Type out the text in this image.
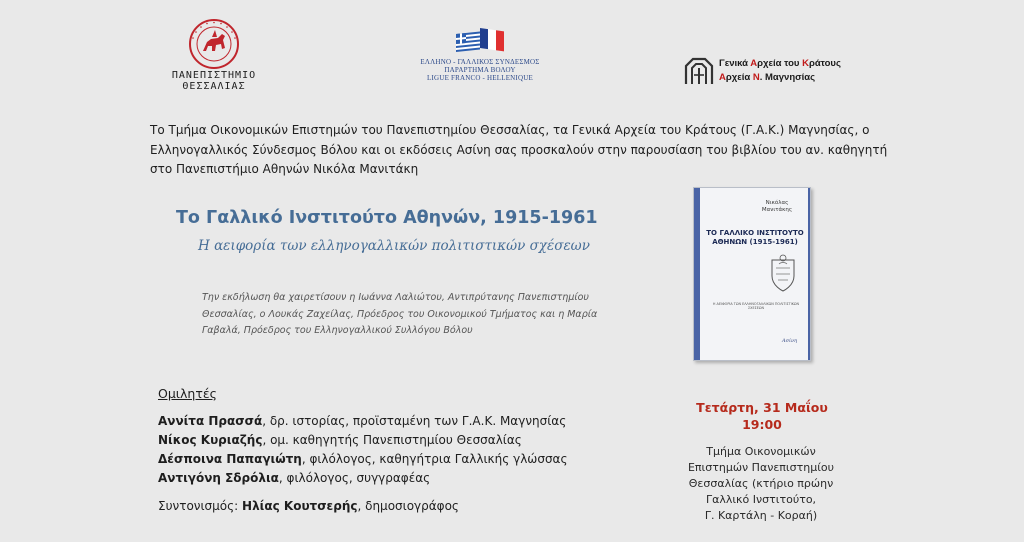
ΠΑΝΕΠΙΣΤΗΜΙΟ
ΘΕΣΣΑΛΙΑΣ
ΕΛΛΗΝΟ - ΓΑΛΛΙΚΟΣ ΣΥΝΔΕΣΜΟΣ
ΠΑΡΑΡΤΗΜΑ ΒΟΛΟΥ
LIGUE FRANCO - HELLENIQUE
Γενικά Αρχεία του Κράτους
Αρχεία Ν. Μαγνησίας
Το Τμήμα Οικονομικών Επιστημών του Πανεπιστημίου Θεσσαλίας, τα Γενικά Αρχεία του Κράτους (Γ.Α.Κ.) Μαγνησίας, ο Ελληνογαλλικός Σύνδεσμος Βόλου και οι εκδόσεις Ασίνη σας προσκαλούν στην παρουσίαση του βιβλίου του αν. καθηγητή στο Πανεπιστήμιο Αθηνών Νικόλα Μανιτάκη
Το Γαλλικό Ινστιτούτο Αθηνών, 1915-1961
Η αειφορία των ελληνογαλλικών πολιτιστικών σχέσεων
Την εκδήλωση θα χαιρετίσουν η Ιωάννα Λαλιώτου, Αντιπρύτανης Πανεπιστημίου Θεσσαλίας, ο Λουκάς Ζαχείλας, Πρόεδρος του Οικονομικού Τμήματος και η Μαρία Γαβαλά, Πρόεδρος του Ελληνογαλλικού Συλλόγου Βόλου
Ομιλητές
Αννίτα Πρασσά, δρ. ιστορίας, προϊσταμένη των Γ.Α.Κ. Μαγνησίας
Νίκος Κυριαζής, ομ. καθηγητής Πανεπιστημίου Θεσσαλίας
Δέσποινα Παπαγιώτη, φιλόλογος, καθηγήτρια Γαλλικής γλώσσας
Αντιγόνη Σδρόλια, φιλόλογος, συγγραφέας
Συντονισμός: Ηλίας Κουτσερής, δημοσιογράφος
Νικόλας
Μανιτάκης
ΤΟ ΓΑΛΛΙΚΟ ΙΝΣΤΙΤΟΥΤΟ
ΑΘΗΝΩΝ (1915-1961)
Η ΑΕΙΦΟΡΙΑ ΤΩΝ ΕΛΛΗΝΟΓΑΛΛΙΚΩΝ ΠΟΛΙΤΙΣΤΙΚΩΝ ΣΧΕΣΕΩΝ
Ασίνη
Τετάρτη, 31 Μαΐου
19:00
Τμήμα Οικονομικών
Επιστημών Πανεπιστημίου
Θεσσαλίας (κτήριο πρώην
Γαλλικό Ινστιτούτο,
Γ. Καρτάλη - Κοραή)
